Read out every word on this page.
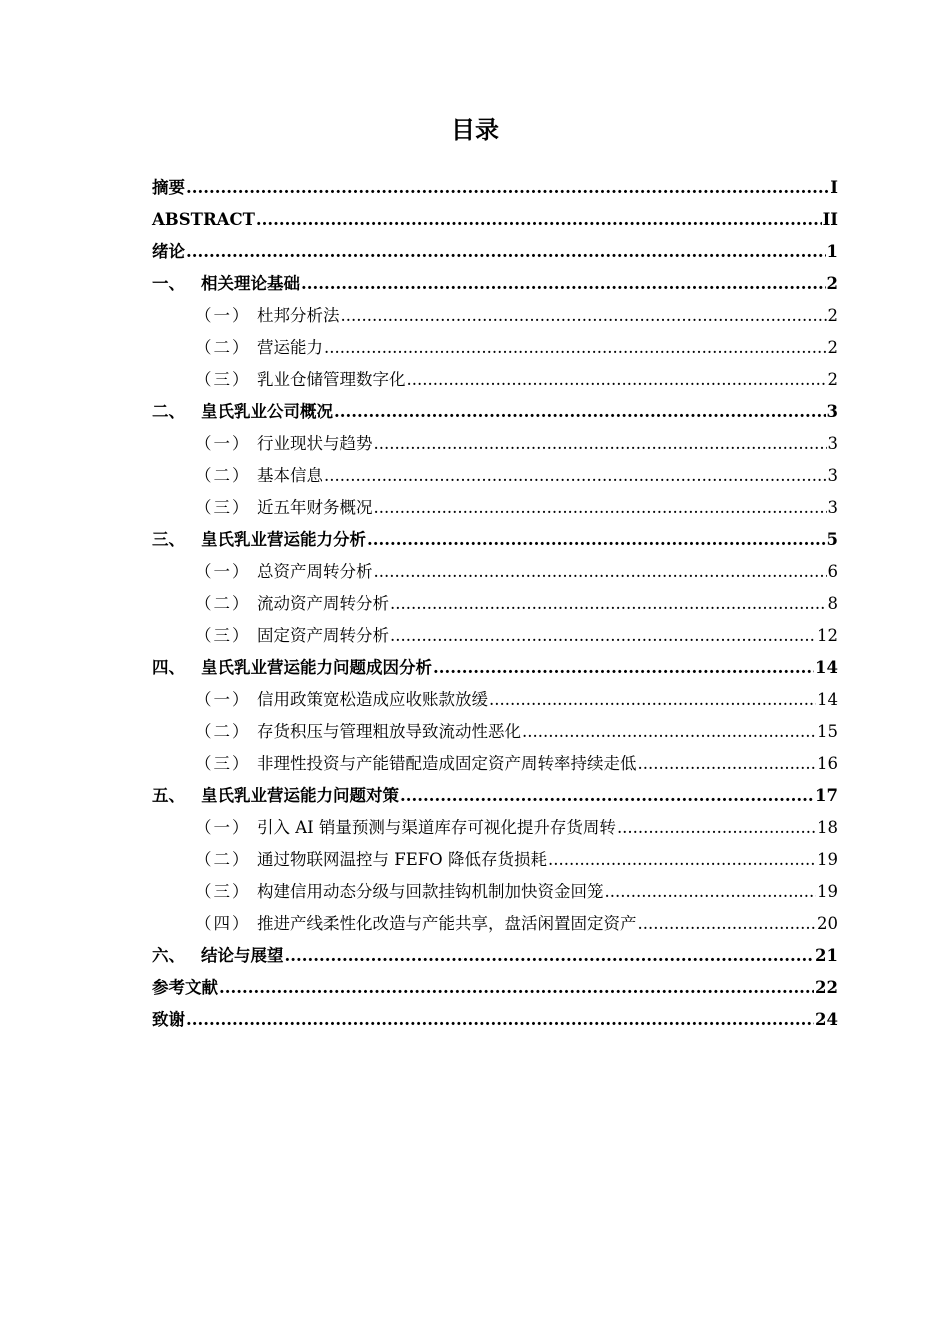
目录
摘要 .....	I
ABSTRACT .....	II
绪论 .....	1
一、 相关理论基础 .....	2
（一） 杜邦分析法 .....	2
（二） 营运能力 .....	2
（三） 乳业仓储管理数字化 .....	2
二、 皇氏乳业公司概况 .....	3
（一） 行业现状与趋势 .....	3
（二） 基本信息 .....	3
（三） 近五年财务概况 .....	3
三、 皇氏乳业营运能力分析 .....	5
（一） 总资产周转分析 .....	6
（二） 流动资产周转分析 .....	8
（三） 固定资产周转分析 .....	12
四、 皇氏乳业营运能力问题成因分析 .....	14
（一） 信用政策宽松造成应收账款放缓 .....	14
（二） 存货积压与管理粗放导致流动性恶化 .....	15
（三） 非理性投资与产能错配造成固定资产周转率持续走低 .....	16
五、 皇氏乳业营运能力问题对策 .....	17
（一） 引入 AI 销量预测与渠道库存可视化提升存货周转 .....	18
（二） 通过物联网温控与 FEFO 降低存货损耗 .....	19
（三） 构建信用动态分级与回款挂钩机制加快资金回笼 .....	19
（四） 推进产线柔性化改造与产能共享，盘活闲置固定资产 .....	20
六、 结论与展望 .....	21
参考文献 .....	22
致谢 .....	24
